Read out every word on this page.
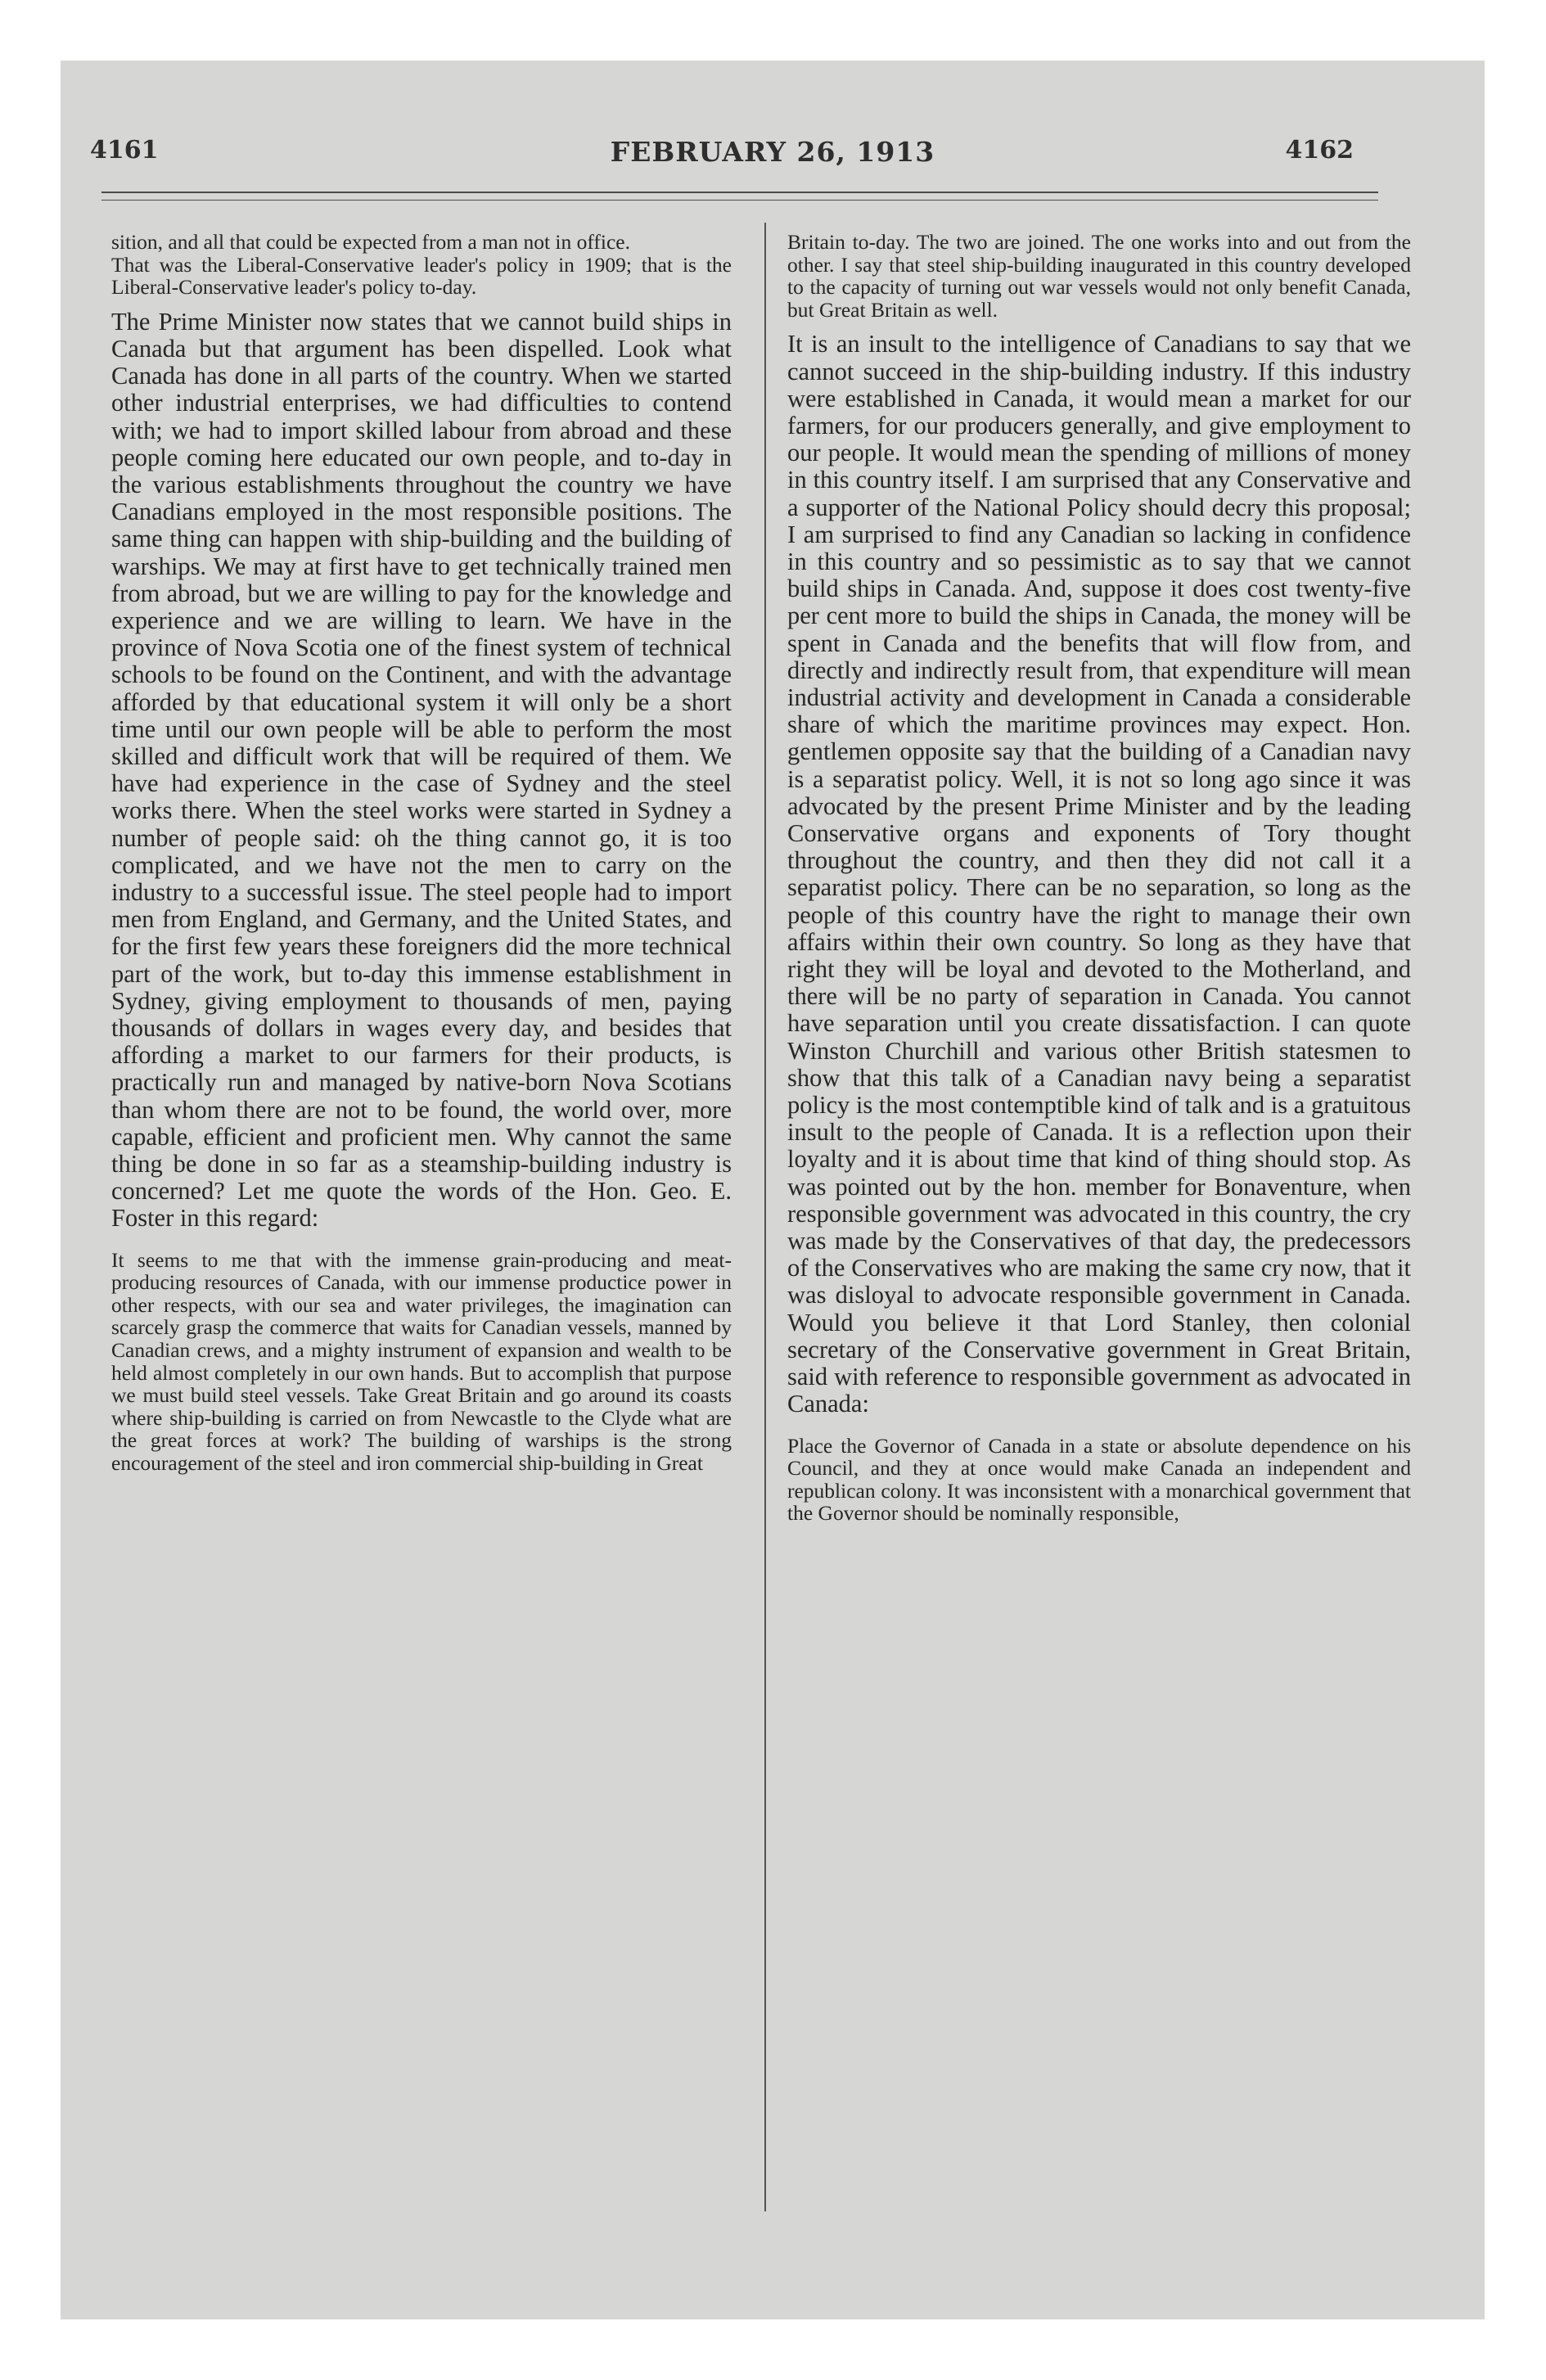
4161	FEBRUARY 26, 1913	4162

sition, and all that could be expected from a man not in office.

That was the Liberal-Conservative leader's policy in 1909; that is the Liberal-Conservative leader's policy to-day.

The Prime Minister now states that we cannot build ships in Canada but that argument has been dispelled. Look what Canada has done in all parts of the country. When we started other industrial enterprises, we had difficulties to contend with; we had to import skilled labour from abroad and these people coming here educated our own people, and to-day in the various establishments throughout the country we have Canadians employed in the most responsible positions. The same thing can happen with ship-building and the building of warships. We may at first have to get technically trained men from abroad, but we are willing to pay for the knowledge and experience and we are willing to learn. We have in the province of Nova Scotia one of the finest system of technical schools to be found on the Continent, and with the advantage afforded by that educational system it will only be a short time until our own people will be able to perform the most skilled and difficult work that will be required of them. We have had experience in the case of Sydney and the steel works there. When the steel works were started in Sydney a number of people said: oh the thing cannot go, it is too complicated, and we have not the men to carry on the industry to a successful issue. The steel people had to import men from England, and Germany, and the United States, and for the first few years these foreigners did the more technical part of the work, but to-day this immense establishment in Sydney, giving employment to thousands of men, paying thousands of dollars in wages every day, and besides that affording a market to our farmers for their products, is practically run and managed by native-born Nova Scotians than whom there are not to be found, the world over, more capable, efficient and proficient men. Why cannot the same thing be done in so far as a steamship-building industry is concerned? Let me quote the words of the Hon. Geo. E. Foster in this regard:

It seems to me that with the immense grain-producing and meat-producing resources of Canada, with our immense productice power in other respects, with our sea and water privileges, the imagination can scarcely grasp the commerce that waits for Canadian vessels, manned by Canadian crews, and a mighty instrument of expansion and wealth to be held almost completely in our own hands. But to accomplish that purpose we must build steel vessels. Take Great Britain and go around its coasts where ship-building is carried on from Newcastle to the Clyde what are the great forces at work? The building of warships is the strong encouragement of the steel and iron commercial ship-building in Great

Britain to-day. The two are joined. The one works into and out from the other. I say that steel ship-building inaugurated in this country developed to the capacity of turning out war vessels would not only benefit Canada, but Great Britain as well.

It is an insult to the intelligence of Canadians to say that we cannot succeed in the ship-building industry. If this industry were established in Canada, it would mean a market for our farmers, for our producers generally, and give employment to our people. It would mean the spending of millions of money in this country itself. I am surprised that any Conservative and a supporter of the National Policy should decry this proposal; I am surprised to find any Canadian so lacking in confidence in this country and so pessimistic as to say that we cannot build ships in Canada. And, suppose it does cost twenty-five per cent more to build the ships in Canada, the money will be spent in Canada and the benefits that will flow from, and directly and indirectly result from, that expenditure will mean industrial activity and development in Canada a considerable share of which the maritime provinces may expect. Hon. gentlemen opposite say that the building of a Canadian navy is a separatist policy. Well, it is not so long ago since it was advocated by the present Prime Minister and by the leading Conservative organs and exponents of Tory thought throughout the country, and then they did not call it a separatist policy. There can be no separation, so long as the people of this country have the right to manage their own affairs within their own country. So long as they have that right they will be loyal and devoted to the Motherland, and there will be no party of separation in Canada. You cannot have separation until you create dissatisfaction. I can quote Winston Churchill and various other British statesmen to show that this talk of a Canadian navy being a separatist policy is the most contemptible kind of talk and is a gratuitous insult to the people of Canada. It is a reflection upon their loyalty and it is about time that kind of thing should stop. As was pointed out by the hon. member for Bonaventure, when responsible government was advocated in this country, the cry was made by the Conservatives of that day, the predecessors of the Conservatives who are making the same cry now, that it was disloyal to advocate responsible government in Canada. Would you believe it that Lord Stanley, then colonial secretary of the Conservative government in Great Britain, said with reference to responsible government as advocated in Canada:

Place the Governor of Canada in a state or absolute dependence on his Council, and they at once would make Canada an independent and republican colony. It was inconsistent with a monarchical government that the Governor should be nominally responsible,
